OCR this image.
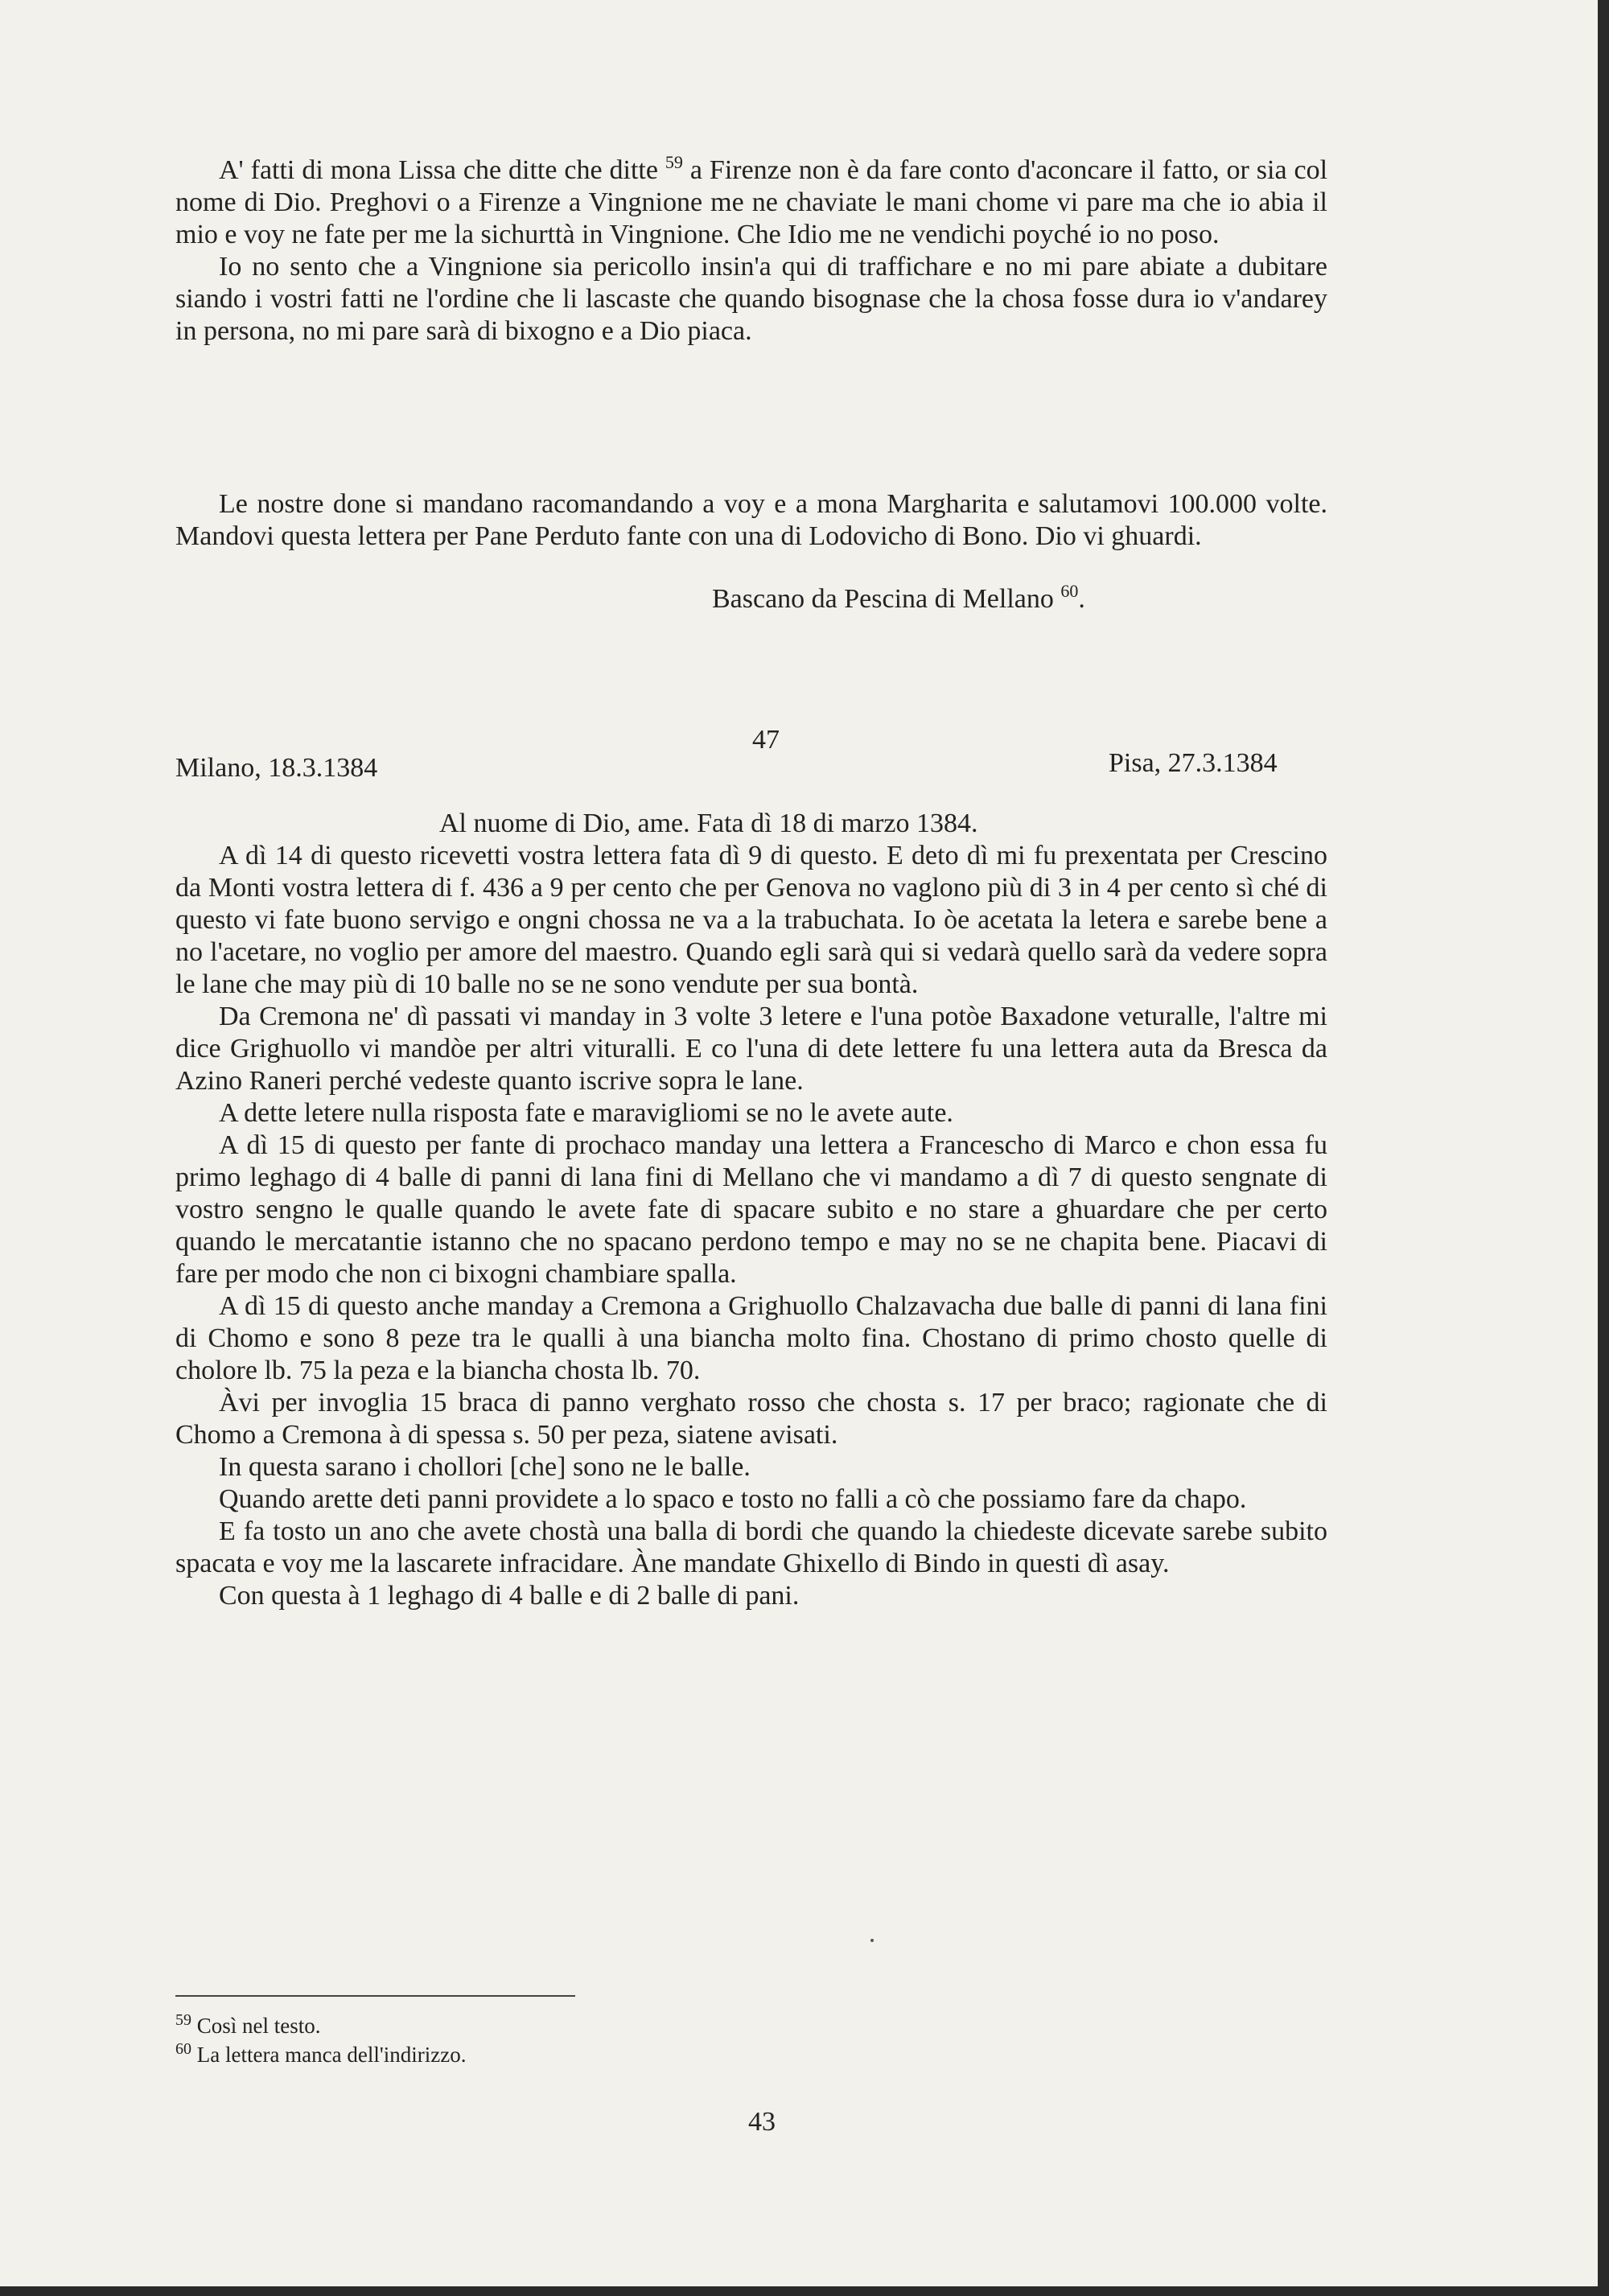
A' fatti di mona Lissa che ditte che ditte $^{59}$ a Firenze non è da fare conto d'aconcare il fatto, or sia col nome di Dio. Preghovi o a Firenze a Vingnione me ne chaviate le mani chome vi pare ma che io abia il mio e voy ne fate per me la sichurttà in Vingnione. Che Idio me ne vendichi poyché io no poso.

Io no sento che a Vingnione sia pericollo insin'a qui di traffichare e no mi pare abiate a dubitare siando i vostri fatti ne l'ordine che li lascaste che quando bisognase che la chosa fosse dura io v'andarey in persona, no mi pare sarà di bixogno e a Dio piaca.

Le nostre done si mandano racomandando a voy e a mona Margharita e salutamovi 100.000 volte. Mandovi questa lettera per Pane Perduto fante con una di Lodovicho di Bono. Dio vi ghuardi.

Bascano da Pescina di Mellano $^{60}$.
47
Milano, 18.3.1384	Pisa, 27.3.1384

Al nuome di Dio, ame. Fata dì 18 di marzo 1384.

A dì 14 di questo ricevetti vostra lettera fata dì 9 di questo. E deto dì mi fu prexentata per Crescino da Monti vostra lettera di f. 436 a 9 per cento che per Genova no vaglono più di 3 in 4 per cento sì ché di questo vi fate buono servigo e ongni chossa ne va a la trabuchata. Io òe acetata la letera e sarebe bene a no l'acetare, no voglio per amore del maestro. Quando egli sarà qui si vedarà quello sarà da vedere sopra le lane che may più di 10 balle no se ne sono vendute per sua bontà.

Da Cremona ne' dì passati vi manday in 3 volte 3 letere e l'una potòe Baxadone veturalle, l'altre mi dice Grighuollo vi mandòe per altri vituralli. E co l'una di dete lettere fu una lettera auta da Bresca da Azino Raneri perché vedeste quanto iscrive sopra le lane.

A dette letere nulla risposta fate e maravigliomi se no le avete aute.

A dì 15 di questo per fante di prochaco manday una lettera a Francescho di Marco e chon essa fu primo leghago di 4 balle di panni di lana fini di Mellano che vi mandamo a dì 7 di questo sengnate di vostro sengno le qualle quando le avete fate di spacare subito e no stare a ghuardare che per certo quando le mercatantie istanno che no spacano perdono tempo e may no se ne chapita bene. Piacavi di fare per modo che non ci bixogni chambiare spalla.

A dì 15 di questo anche manday a Cremona a Grighuollo Chalzavacha due balle di panni di lana fini di Chomo e sono 8 peze tra le qualli à una biancha molto fina. Chostano di primo chosto quelle di cholore lb. 75 la peza e la biancha chosta lb. 70.

Àvi per invoglia 15 braca di panno verghato rosso che chosta s. 17 per braco; ragionate che di Chomo a Cremona à di spessa s. 50 per peza, siatene avisati.

In questa sarano i chollori [che] sono ne le balle.

Quando arette deti panni providete a lo spaco e tosto no falli a cò che possiamo fare da chapo.

E fa tosto un ano che avete chostà una balla di bordi che quando la chiedeste dicevate sarebe subito spacata e voy me la lascarete infracidare. Àne mandate Ghixello di Bindo in questi dì asay.

Con questa à 1 leghago di 4 balle e di 2 balle di pani.

$^{59}$ Così nel testo.
$^{60}$ La lettera manca dell'indirizzo.
43
